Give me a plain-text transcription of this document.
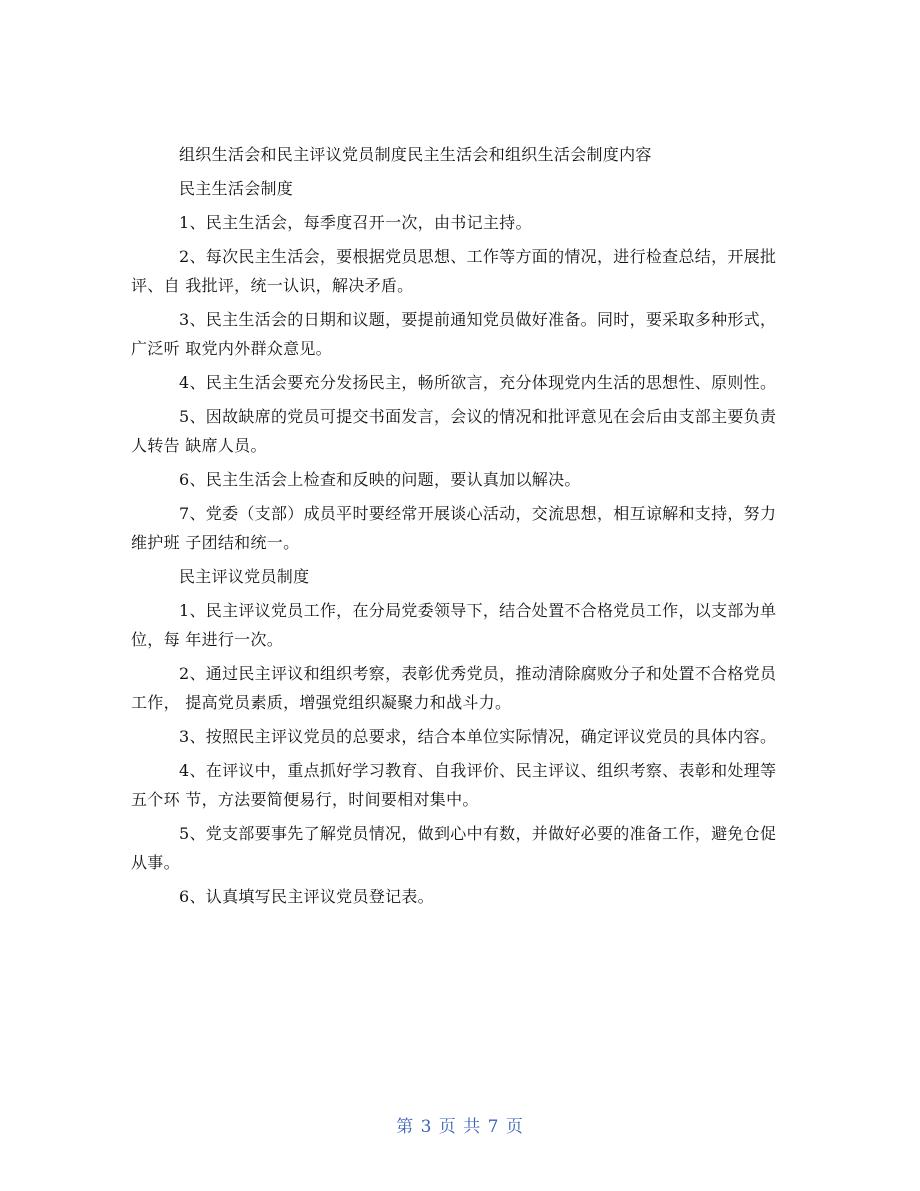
组织生活会和民主评议党员制度民主生活会和组织生活会制度内容

民主生活会制度

1、民主生活会，每季度召开一次，由书记主持。

2、每次民主生活会，要根据党员思想、工作等方面的情况，进行检查总结，开展批评、自 我批评，统一认识，解决矛盾。

3、民主生活会的日期和议题，要提前通知党员做好准备。同时，要采取多种形式，广泛听 取党内外群众意见。

4、民主生活会要充分发扬民主，畅所欲言，充分体现党内生活的思想性、原则性。

5、因故缺席的党员可提交书面发言，会议的情况和批评意见在会后由支部主要负责人转告 缺席人员。

6、民主生活会上检查和反映的问题，要认真加以解决。

7、党委（支部）成员平时要经常开展谈心活动，交流思想，相互谅解和支持，努力维护班 子团结和统一。

民主评议党员制度

1、民主评议党员工作，在分局党委领导下，结合处置不合格党员工作，以支部为单位，每 年进行一次。

2、通过民主评议和组织考察，表彰优秀党员，推动清除腐败分子和处置不合格党员工作， 提高党员素质，增强党组织凝聚力和战斗力。

3、按照民主评议党员的总要求，结合本单位实际情况，确定评议党员的具体内容。

4、在评议中，重点抓好学习教育、自我评价、民主评议、组织考察、表彰和处理等五个环 节，方法要简便易行，时间要相对集中。

5、党支部要事先了解党员情况，做到心中有数，并做好必要的准备工作，避免仓促从事。

6、认真填写民主评议党员登记表。

第 3 页 共 7 页
